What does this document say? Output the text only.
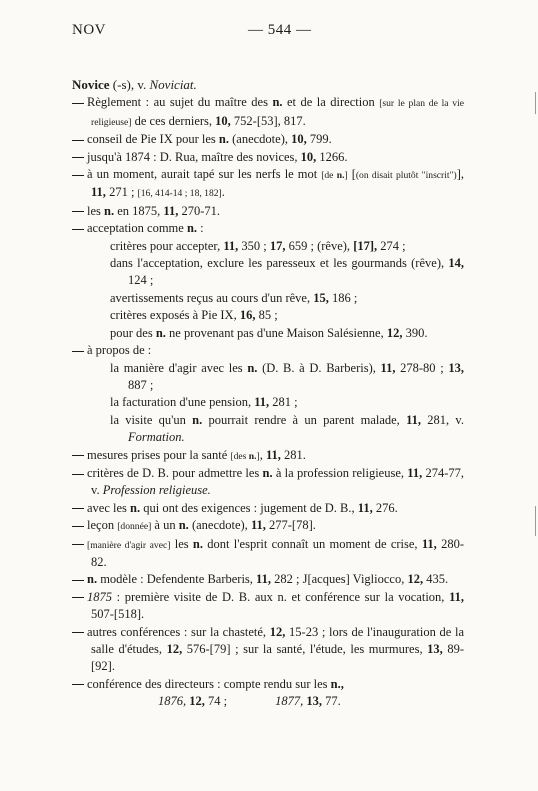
NOV	— 544 —
Novice (-s), v. Noviciat.
Règlement : au sujet du maître des n. et de la direction [sur le plan de la vie religieuse] de ces derniers, 10, 752-[53], 817.
conseil de Pie IX pour les n. (anecdote), 10, 799.
jusqu'à 1874 : D. Rua, maître des novices, 10, 1266.
à un moment, aurait tapé sur les nerfs le mot [de n.] [(on disait plutôt "inscrit")], 11, 271 ; [16, 414-14 ; 18, 182].
les n. en 1875, 11, 270-71.
acceptation comme n. :
critères pour accepter, 11, 350 ; 17, 659 ; (rêve), [17], 274 ;
dans l'acceptation, exclure les paresseux et les gourmands (rêve), 14, 124 ;
avertissements reçus au cours d'un rêve, 15, 186 ;
critères exposés à Pie IX, 16, 85 ;
pour des n. ne provenant pas d'une Maison Salésienne, 12, 390.
à propos de :
la manière d'agir avec les n. (D. B. à D. Barberis), 11, 278-80 ; 13, 887 ;
la facturation d'une pension, 11, 281 ;
la visite qu'un n. pourrait rendre à un parent malade, 11, 281, v. Formation.
mesures prises pour la santé [des n.], 11, 281.
critères de D. B. pour admettre les n. à la profession religieuse, 11, 274-77, v. Profession religieuse.
avec les n. qui ont des exigences : jugement de D. B., 11, 276.
leçon [donnée] à un n. (anecdote), 11, 277-[78].
[manière d'agir avec] les n. dont l'esprit connaît un moment de crise, 11, 280-82.
n. modèle : Defendente Barberis, 11, 282 ; J[acques] Viglioccо, 12, 435.
1875 : première visite de D. B. aux n. et conférence sur la vocation, 11, 507-[518].
autres conférences : sur la chasteté, 12, 15-23 ; lors de l'inauguration de la salle d'études, 12, 576-[79] ; sur la santé, l'étude, les murmures, 13, 89-[92].
conférence des directeurs : compte rendu sur les n.,
1876, 12, 74 ;	1877, 13, 77.
